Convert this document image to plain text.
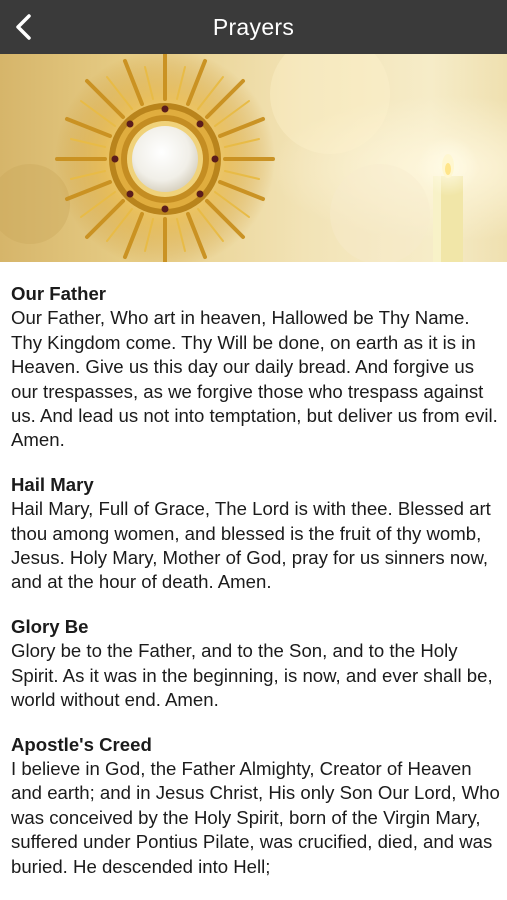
Prayers
Our Father
Our Father, Who art in heaven, Hallowed be Thy Name. Thy Kingdom come. Thy Will be done, on earth as it is in Heaven. Give us this day our daily bread. And forgive us our trespasses, as we forgive those who trespass against us. And lead us not into temptation, but deliver us from evil. Amen.
Hail Mary
Hail Mary, Full of Grace, The Lord is with thee. Blessed art thou among women, and blessed is the fruit of thy womb, Jesus. Holy Mary, Mother of God, pray for us sinners now, and at the hour of death. Amen.
Glory Be
Glory be to the Father, and to the Son, and to the Holy Spirit. As it was in the beginning, is now, and ever shall be, world without end. Amen.
Apostle's Creed
I believe in God, the Father Almighty, Creator of Heaven and earth; and in Jesus Christ, His only Son Our Lord, Who was conceived by the Holy Spirit, born of the Virgin Mary, suffered under Pontius Pilate, was crucified, died, and was buried. He descended into Hell;
